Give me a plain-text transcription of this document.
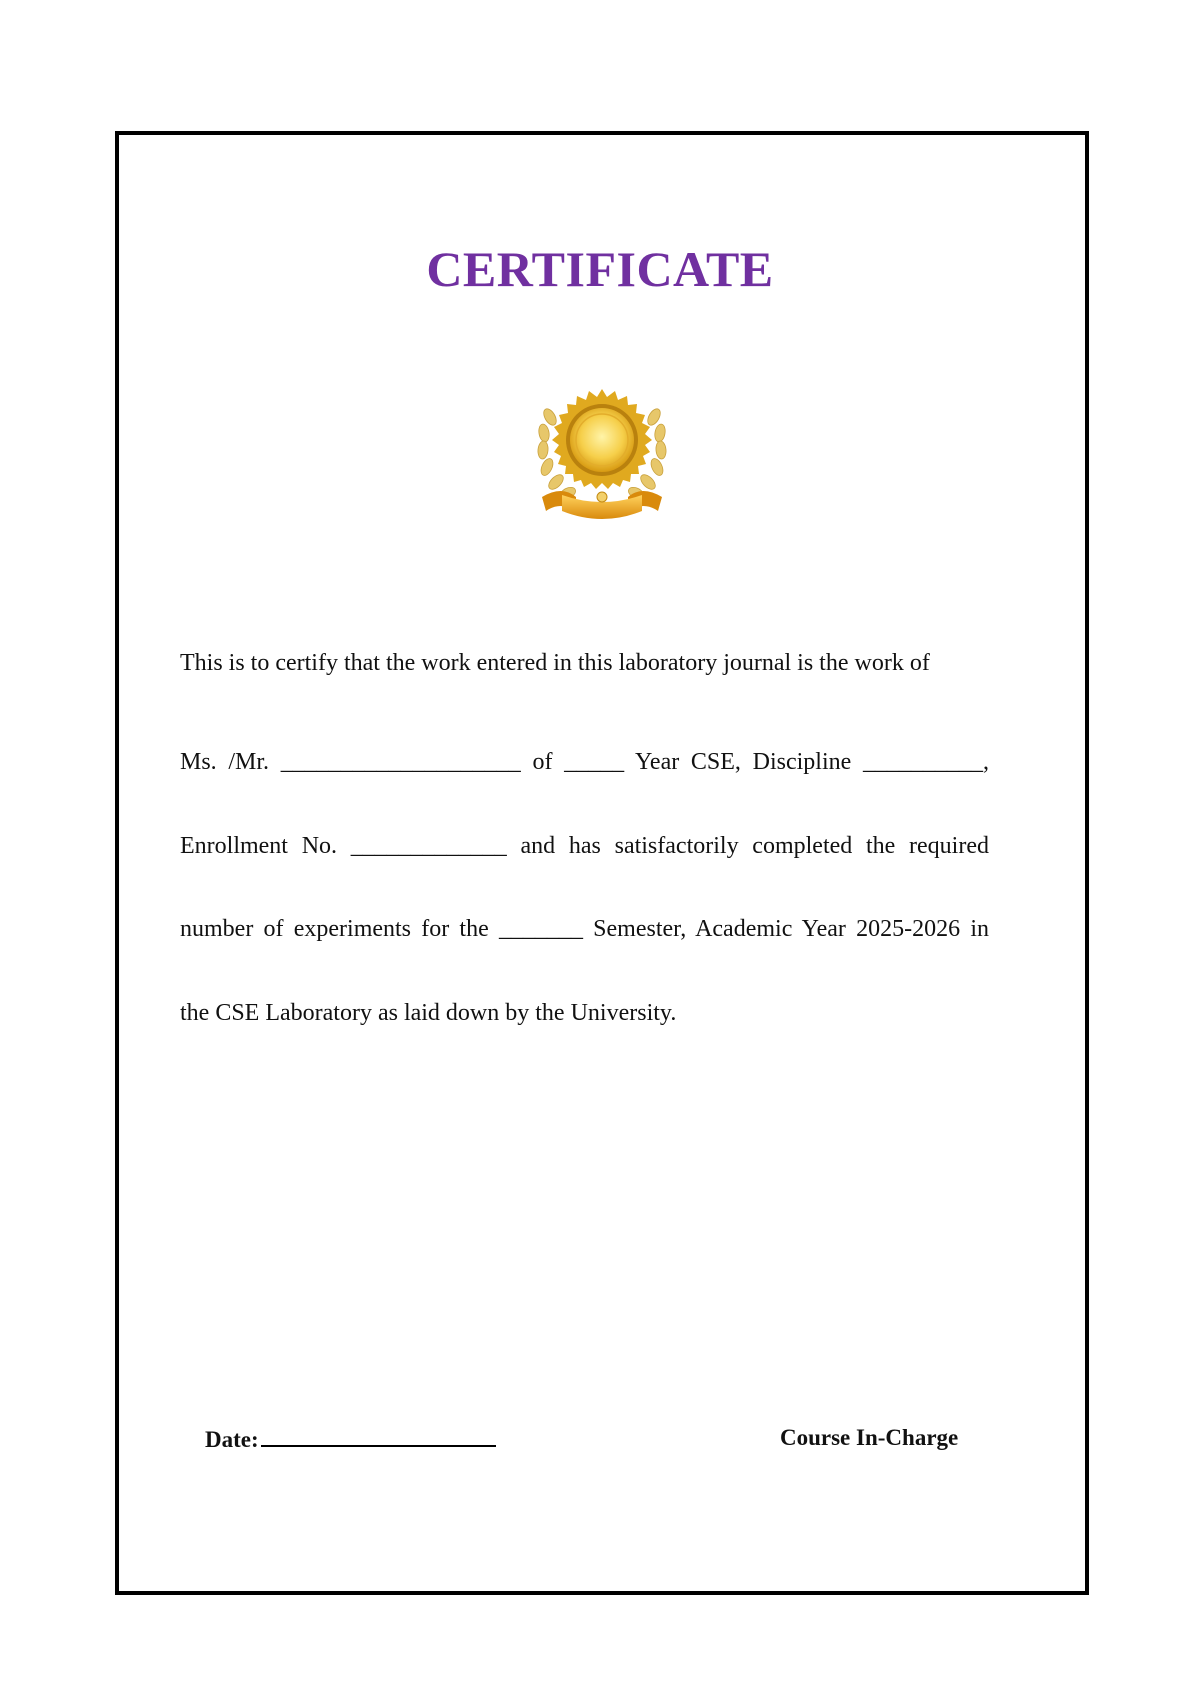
CERTIFICATE
This is to certify that the work entered in this laboratory journal is the work of
Ms. /Mr. ____________________ of _____ Year CSE, Discipline __________,
Enrollment No. _____________ and has satisfactorily completed the required
number of experiments for the _______ Semester, Academic Year 2025-2026 in
the CSE Laboratory as laid down by the University.
Date:	Course In-Charge
